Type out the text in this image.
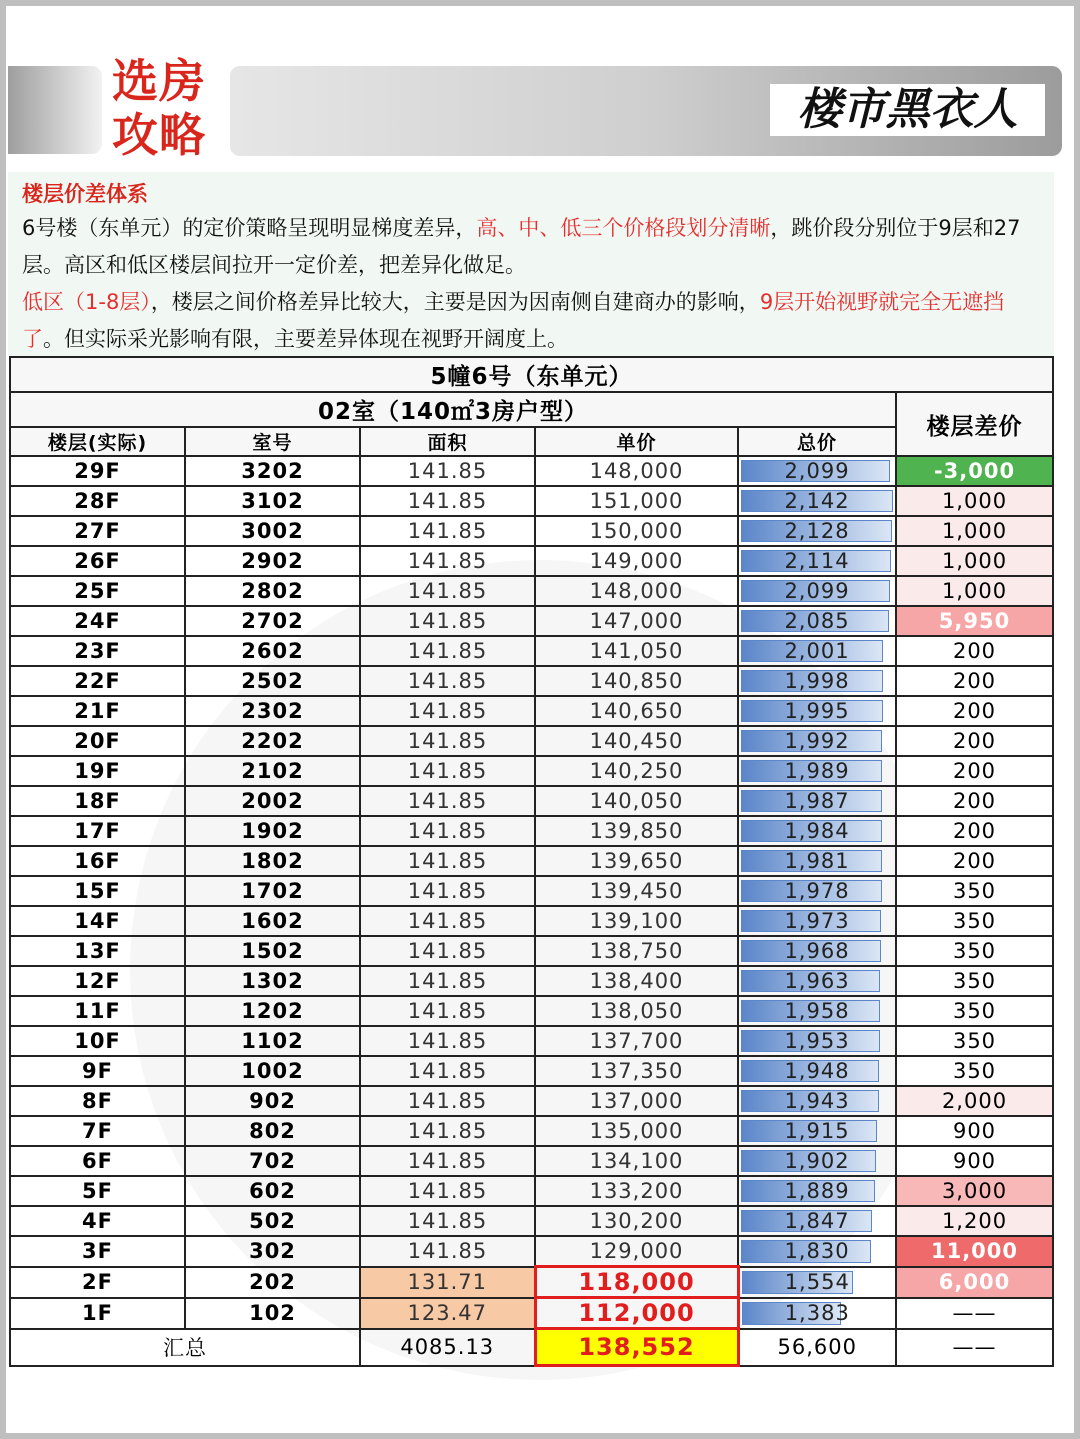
选房
攻略	楼市黑衣人
楼层价差体系
6号楼（东单元）的定价策略呈现明显梯度差异，高、中、低三个价格段划分清晰，跳价段分别位于9层和27层。高区和低区楼层间拉开一定价差，把差异化做足。
低区（1-8层），楼层之间价格差异比较大，主要是因为因南侧自建商办的影响，9层开始视野就完全无遮挡了。但实际采光影响有限，主要差异体现在视野开阔度上。
5幢6号（东单元）					
02室（140㎡3房户型）					楼层差价
楼层(实际)	室号	面积	单价	总价	
29F	3202	141.85	148,000	2,099	-3,000
28F	3102	141.85	151,000	2,142	1,000
27F	3002	141.85	150,000	2,128	1,000
26F	2902	141.85	149,000	2,114	1,000
25F	2802	141.85	148,000	2,099	1,000
24F	2702	141.85	147,000	2,085	5,950
23F	2602	141.85	141,050	2,001	200
22F	2502	141.85	140,850	1,998	200
21F	2302	141.85	140,650	1,995	200
20F	2202	141.85	140,450	1,992	200
19F	2102	141.85	140,250	1,989	200
18F	2002	141.85	140,050	1,987	200
17F	1902	141.85	139,850	1,984	200
16F	1802	141.85	139,650	1,981	200
15F	1702	141.85	139,450	1,978	350
14F	1602	141.85	139,100	1,973	350
13F	1502	141.85	138,750	1,968	350
12F	1302	141.85	138,400	1,963	350
11F	1202	141.85	138,050	1,958	350
10F	1102	141.85	137,700	1,953	350
9F	1002	141.85	137,350	1,948	350
8F	902	141.85	137,000	1,943	2,000
7F	802	141.85	135,000	1,915	900
6F	702	141.85	134,100	1,902	900
5F	602	141.85	133,200	1,889	3,000
4F	502	141.85	130,200	1,847	1,200
3F	302	141.85	129,000	1,830	11,000
2F	202	131.71	118,000	1,554	6,000
1F	102	123.47	112,000	1,383	——
汇总		4085.13	138,552	56,600	——
